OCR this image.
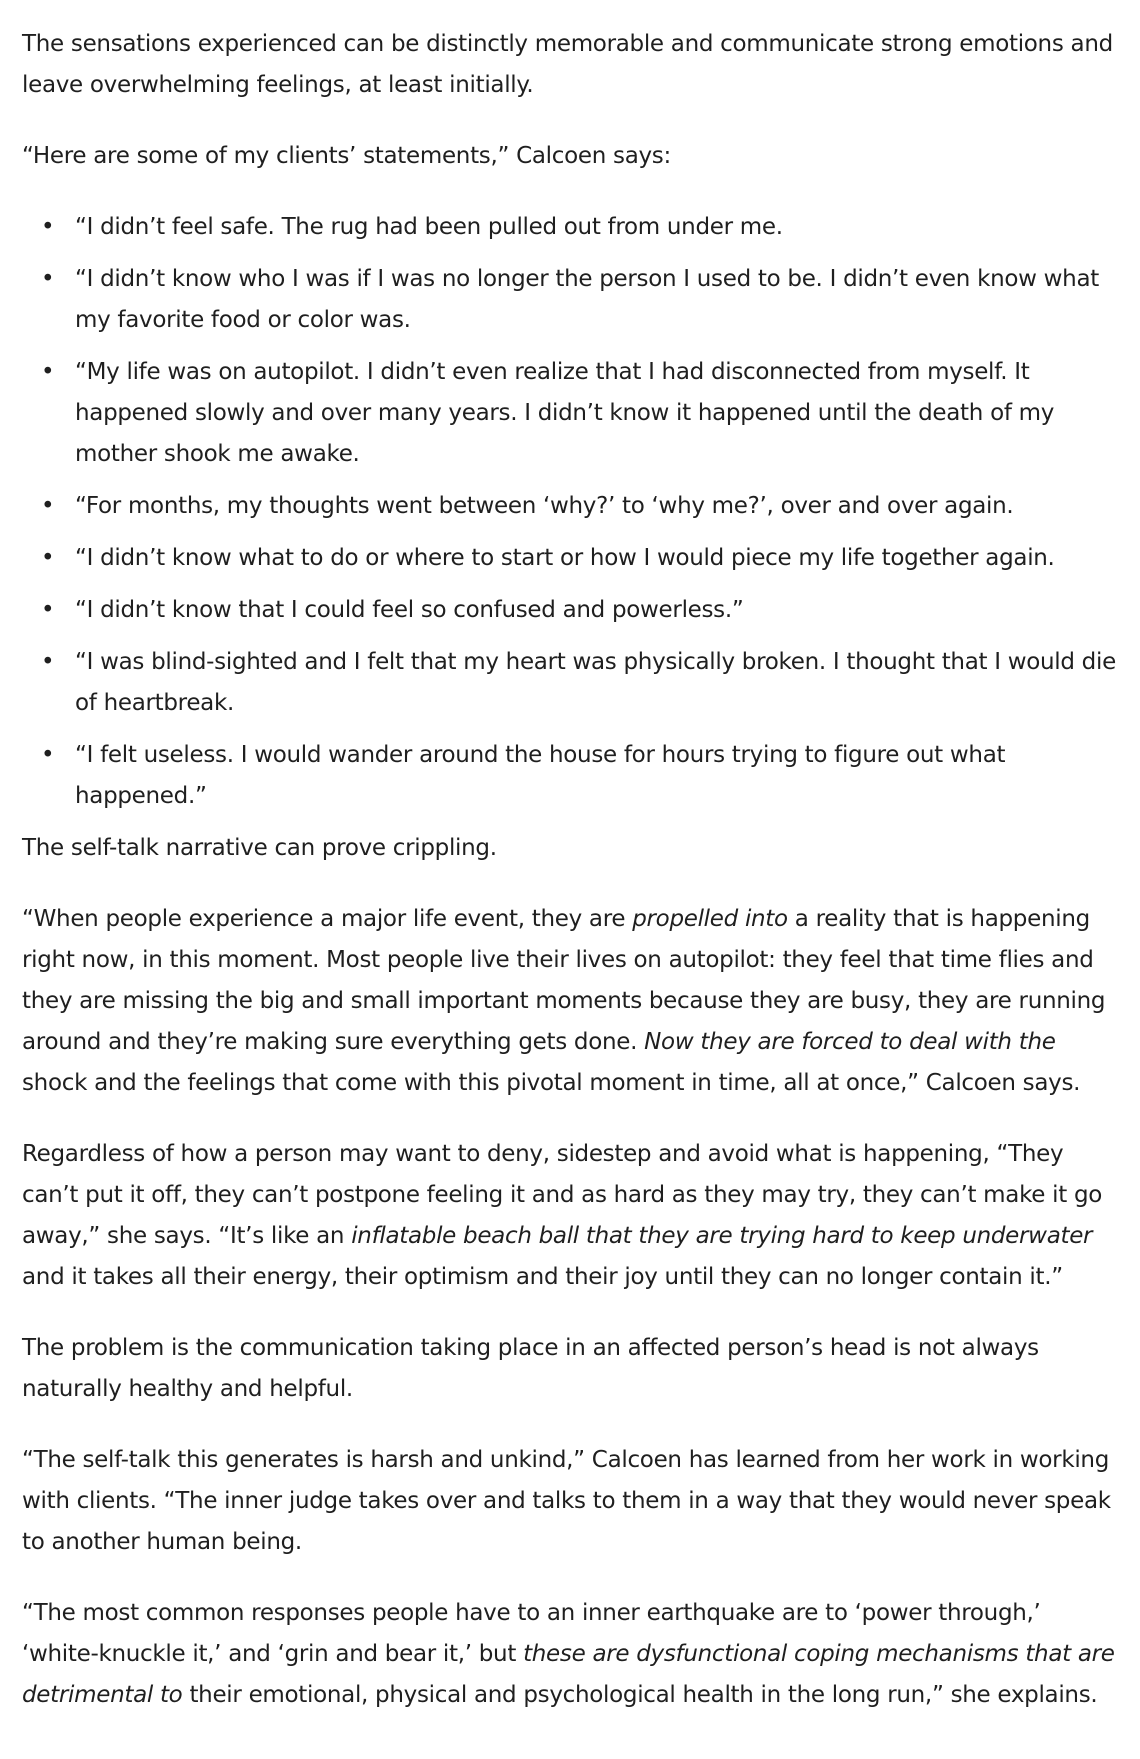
The sensations experienced can be distinctly memorable and communicate strong emotions and leave overwhelming feelings, at least initially.

“Here are some of my clients’ statements,” Calcoen says:

• “I didn’t feel safe. The rug had been pulled out from under me.
• “I didn’t know who I was if I was no longer the person I used to be. I didn’t even know what my favorite food or color was.
• “My life was on autopilot. I didn’t even realize that I had disconnected from myself. It happened slowly and over many years. I didn’t know it happened until the death of my mother shook me awake.
• “For months, my thoughts went between ‘why?’ to ‘why me?’, over and over again.
• “I didn’t know what to do or where to start or how I would piece my life together again.
• “I didn’t know that I could feel so confused and powerless.”
• “I was blind-sighted and I felt that my heart was physically broken. I thought that I would die of heartbreak.
• “I felt useless. I would wander around the house for hours trying to figure out what happened.”

The self-talk narrative can prove crippling.

“When people experience a major life event, they are propelled into a reality that is happening right now, in this moment. Most people live their lives on autopilot: they feel that time flies and they are missing the big and small important moments because they are busy, they are running around and they’re making sure everything gets done. Now they are forced to deal with the shock and the feelings that come with this pivotal moment in time, all at once,” Calcoen says.

Regardless of how a person may want to deny, sidestep and avoid what is happening, “They can’t put it off, they can’t postpone feeling it and as hard as they may try, they can’t make it go away,” she says. “It’s like an inflatable beach ball that they are trying hard to keep underwater and it takes all their energy, their optimism and their joy until they can no longer contain it.”

The problem is the communication taking place in an affected person’s head is not always naturally healthy and helpful.

“The self-talk this generates is harsh and unkind,” Calcoen has learned from her work in working with clients. “The inner judge takes over and talks to them in a way that they would never speak to another human being.

“The most common responses people have to an inner earthquake are to ‘power through,’ ‘white-knuckle it,’ and ‘grin and bear it,’ but these are dysfunctional coping mechanisms that are detrimental to their emotional, physical and psychological health in the long run,” she explains.
